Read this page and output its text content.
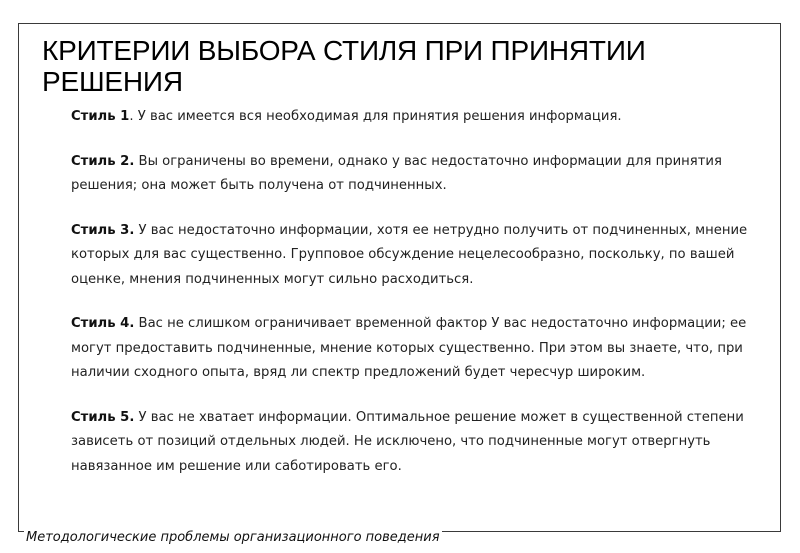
КРИТЕРИИ ВЫБОРА СТИЛЯ ПРИ ПРИНЯТИИ РЕШЕНИЯ

Стиль 1. У вас имеется вся необходимая для принятия решения информация.

Стиль 2. Вы ограничены во времени, однако у вас недостаточно информации для принятия решения; она может быть получена от подчиненных.

Стиль 3. У вас недостаточно информации, хотя ее нетрудно получить от подчиненных, мнение которых для вас существенно. Групповое обсуждение нецелесообразно, поскольку, по вашей оценке, мнения подчиненных могут сильно расходиться.

Стиль 4. Вас не слишком ограничивает временной фактор У вас недостаточно информации; ее могут предоставить подчиненные, мнение которых существенно. При этом вы знаете, что, при наличии сходного опыта, вряд ли спектр предложений будет чересчур широким.

Стиль 5. У вас не хватает информации. Оптимальное решение может в существенной степени зависеть от позиций отдельных людей. Не исключено, что подчиненные могут отвергнуть навязанное им решение или саботировать его.

Методологические проблемы организационного поведения
